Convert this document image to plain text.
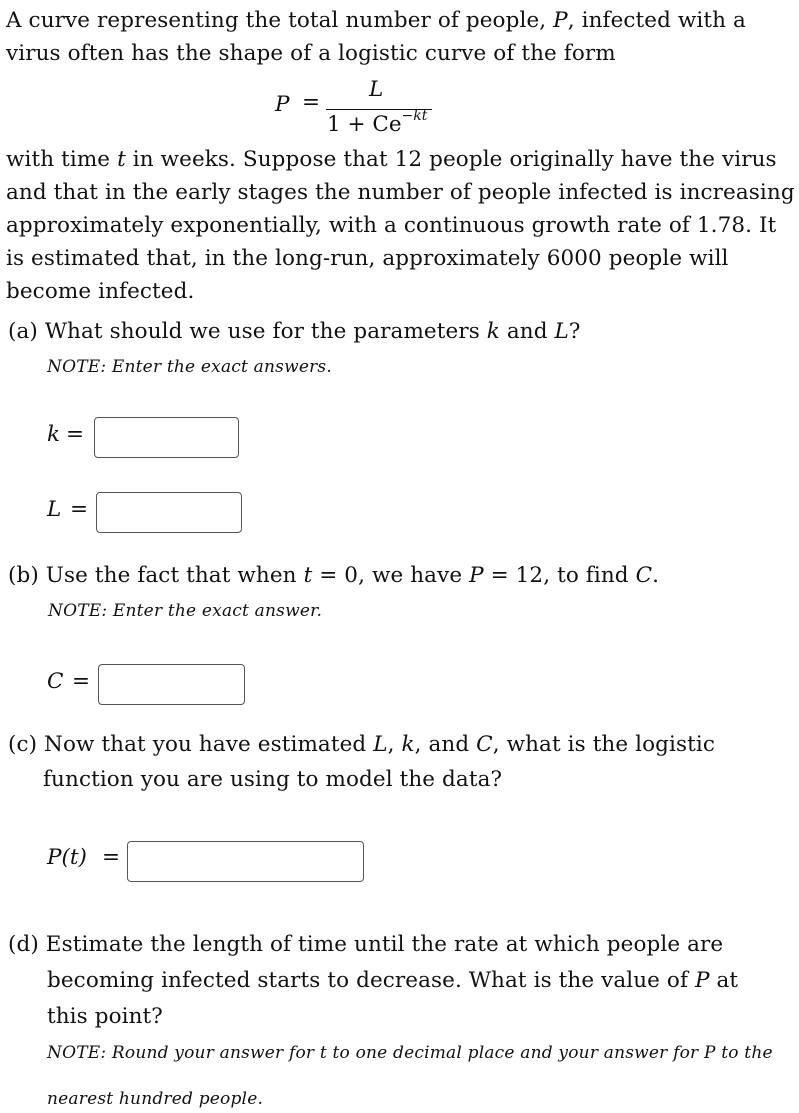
A curve representing the total number of people, P, infected with a
virus often has the shape of a logistic curve of the form
P =
L
$1 + Ce^{-kt}$
with time t in weeks. Suppose that 12 people originally have the virus
and that in the early stages the number of people infected is increasing
approximately exponentially, with a continuous growth rate of 1.78. It
is estimated that, in the long-run, approximately 6000 people will
become infected.
(a) What should we use for the parameters k and L?
NOTE: Enter the exact answers.
k =
L =
(b) Use the fact that when t = 0, we have P = 12, to find C.
NOTE: Enter the exact answer.
C =
(c) Now that you have estimated L, k, and C, what is the logistic
function you are using to model the data?
P(t) =
(d) Estimate the length of time until the rate at which people are
becoming infected starts to decrease. What is the value of P at
this point?
NOTE: Round your answer for t to one decimal place and your answer for P to the
nearest hundred people.
